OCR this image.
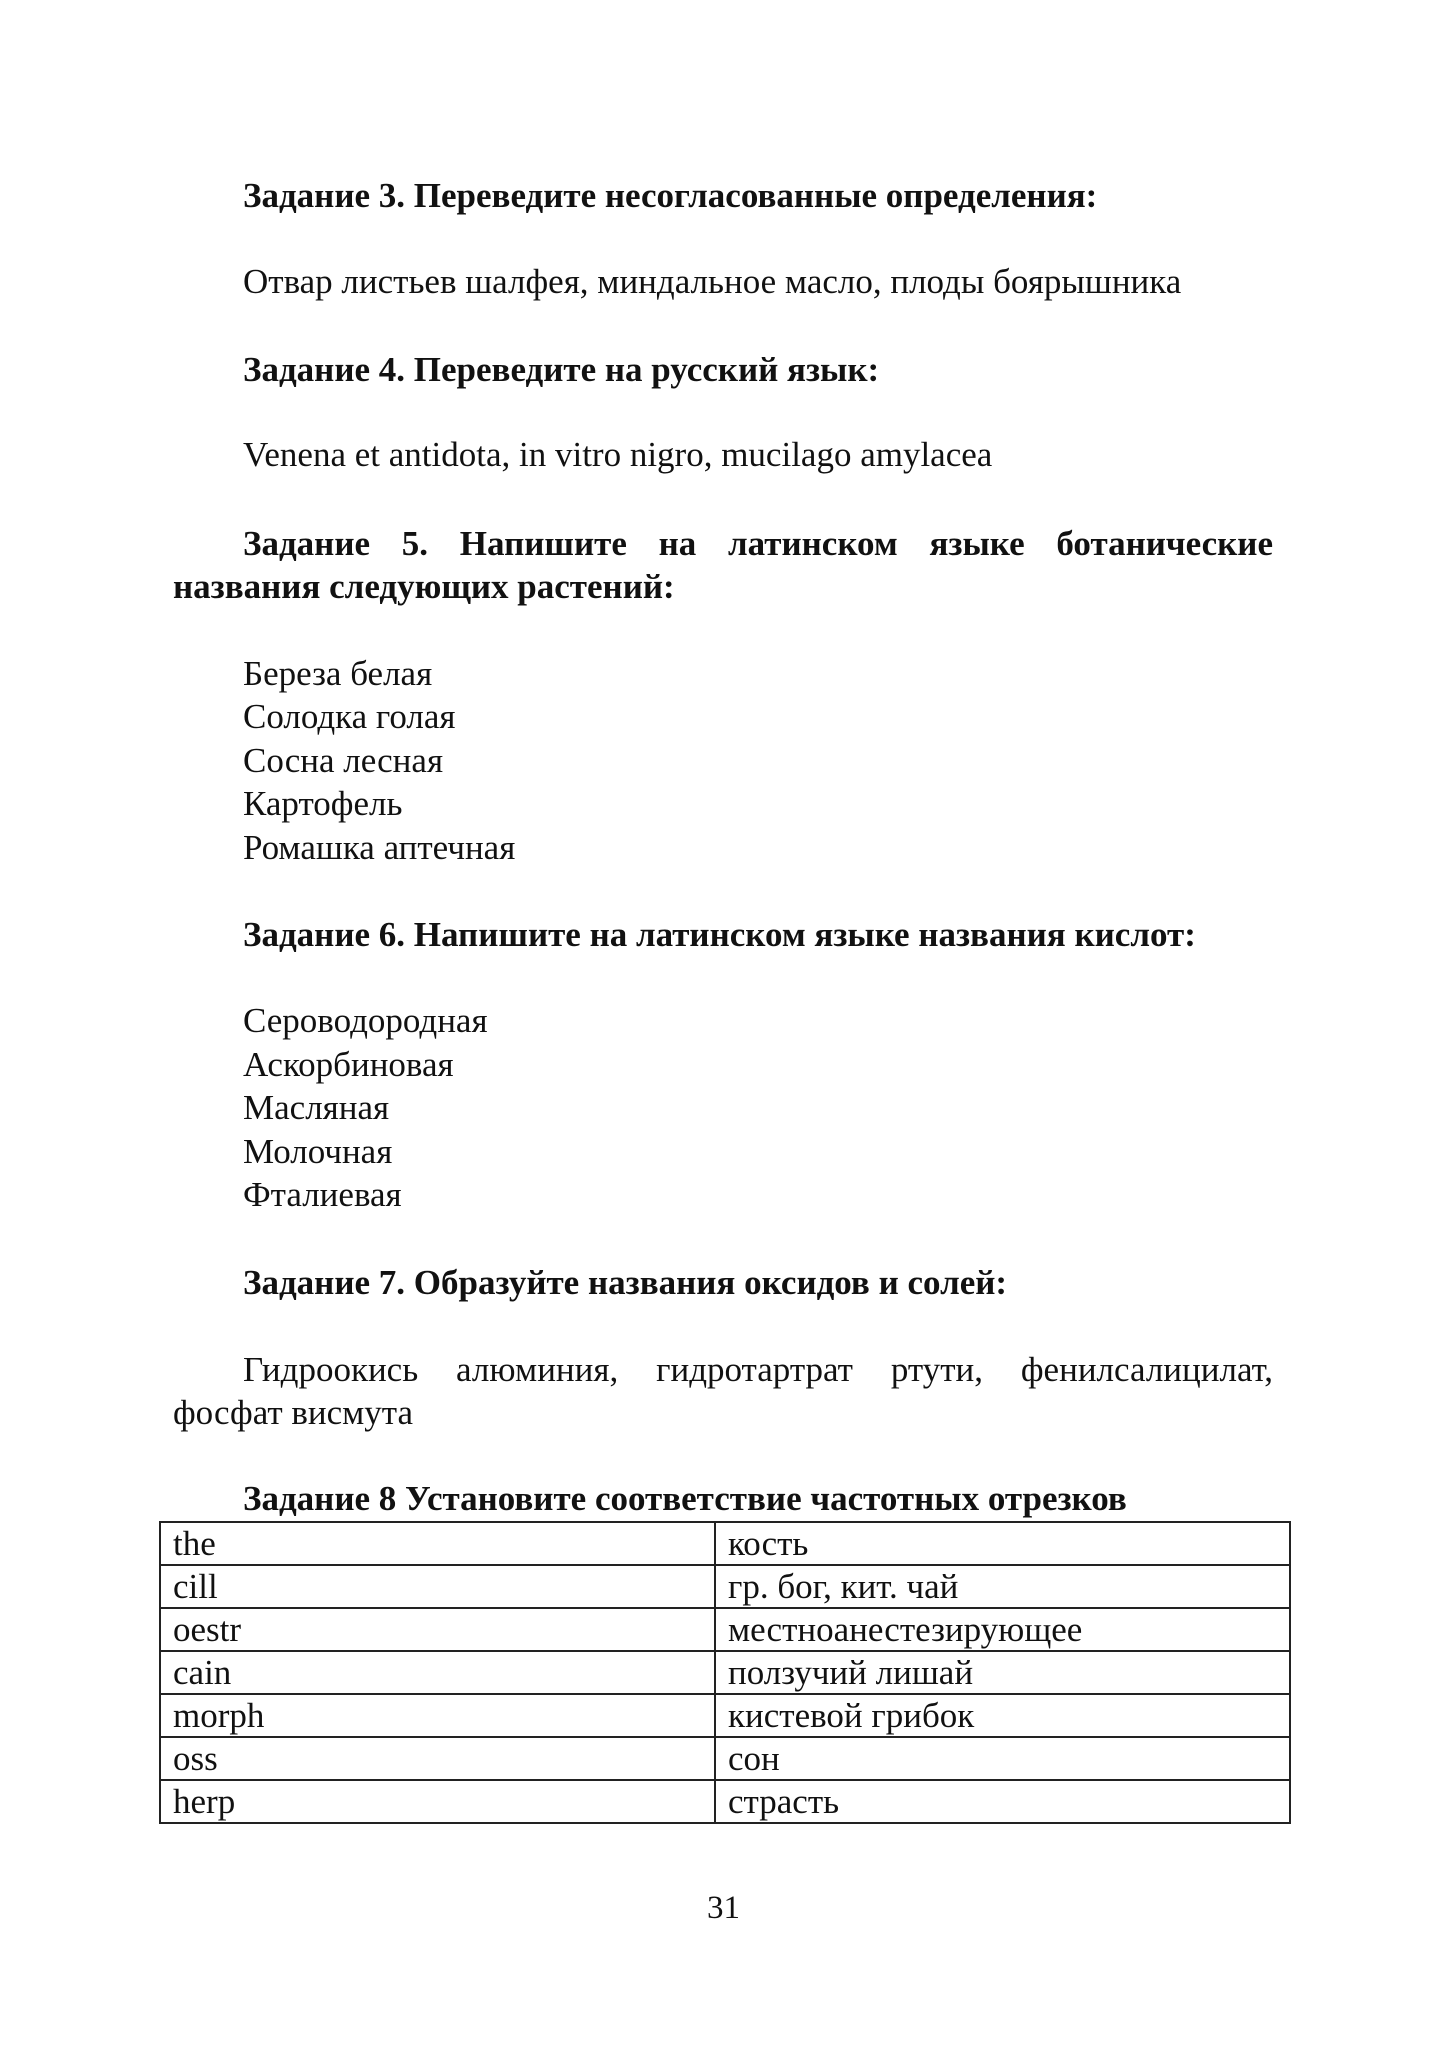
Задание 3. Переведите несогласованные определения:

Отвар листьев шалфея, миндальное масло, плоды боярышника

Задание 4. Переведите на русский язык:

Venena et antidota, in vitro nigro, mucilago amylacea

Задание 5. Напишите на латинском языке ботанические

названия следующих растений:

Береза белая

Солодка голая

Сосна лесная

Картофель

Ромашка аптечная

Задание 6. Напишите на латинском языке названия кислот:

Сероводородная

Аскорбиновая

Масляная

Молочная

Фталиевая

Задание 7. Образуйте названия оксидов и солей:

Гидроокись алюминия, гидротартрат ртути, фенилсалицилат,

фосфат висмута

Задание 8 Установите соответствие частотных отрезков

the	кость
cill	гр. бог, кит. чай
oestr	местноанестезирующее
cain	ползучий лишай
morph	кистевой грибок
oss	сон
herp	страсть
31
